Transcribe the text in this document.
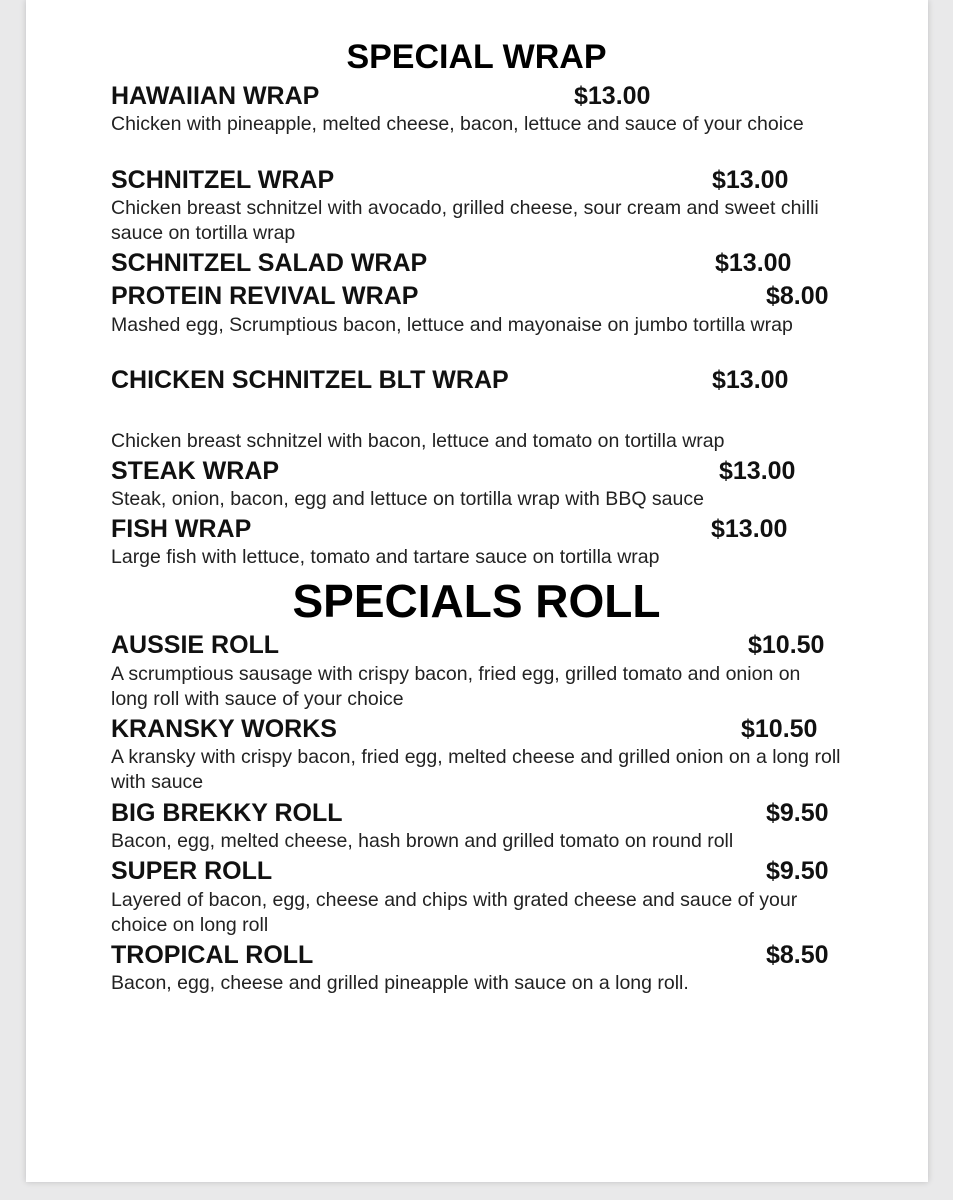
SPECIAL WRAP
HAWAIIAN WRAP	$13.00
Chicken with pineapple, melted cheese, bacon, lettuce and sauce of your choice
SCHNITZEL WRAP	$13.00
Chicken breast schnitzel with avocado, grilled cheese, sour cream and sweet chilli sauce on tortilla wrap
SCHNITZEL SALAD WRAP	$13.00
PROTEIN REVIVAL WRAP	$8.00
Mashed egg, Scrumptious bacon, lettuce and mayonaise on jumbo tortilla wrap
CHICKEN SCHNITZEL BLT WRAP	$13.00
Chicken breast schnitzel with bacon, lettuce and tomato on tortilla wrap
STEAK WRAP	$13.00
Steak, onion, bacon, egg and lettuce on tortilla wrap with BBQ sauce
FISH WRAP	$13.00
Large fish with lettuce, tomato and tartare sauce on tortilla wrap
SPECIALS ROLL
AUSSIE ROLL	$10.50
A scrumptious sausage with crispy bacon, fried egg, grilled tomato and onion on long roll with sauce of your choice
KRANSKY WORKS	$10.50
A kransky with crispy bacon, fried egg, melted cheese and grilled onion on a long roll with sauce
BIG BREKKY ROLL	$9.50
Bacon, egg, melted cheese, hash brown and grilled tomato on round roll
SUPER ROLL	$9.50
Layered of bacon, egg, cheese and chips with grated cheese and sauce of your choice on long roll
TROPICAL ROLL	$8.50
Bacon, egg, cheese and grilled pineapple with sauce on a long roll.
